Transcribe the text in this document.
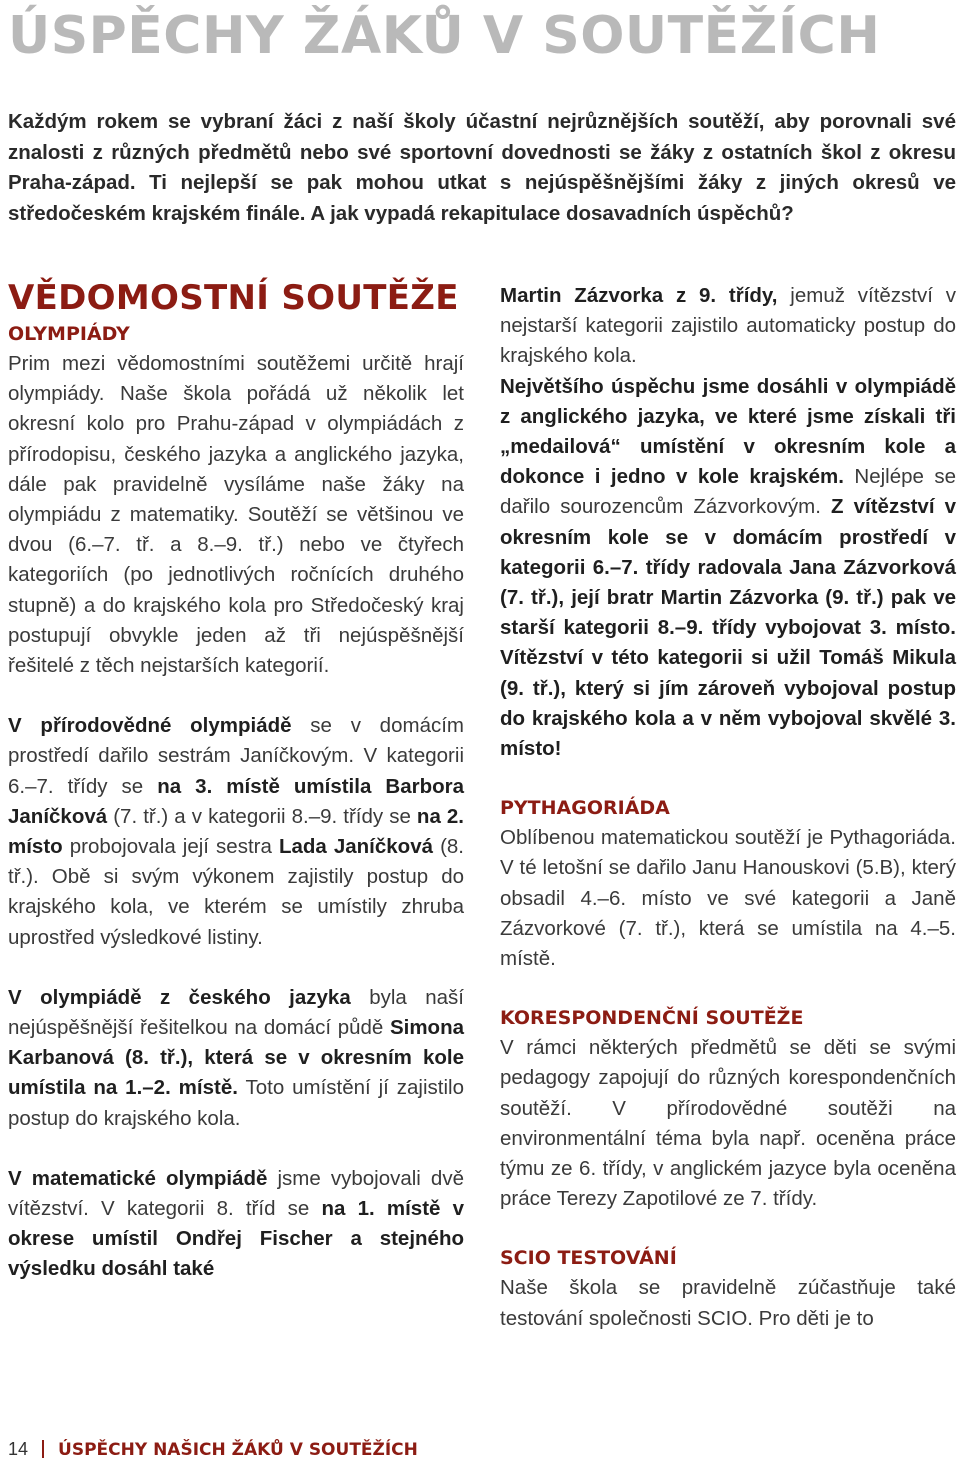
ÚSPĚCHY ŽÁKŮ V SOUTĚŽÍCH

Každým rokem se vybraní žáci z naší školy účastní nejrůznějších soutěží, aby porovnali své znalosti z různých předmětů nebo své sportovní dovednosti se žáky z ostatních škol z okresu Praha-západ. Ti nejlepší se pak mohou utkat s nejúspěšnějšími žáky z jiných okresů ve středočeském krajském finále. A jak vypadá rekapitulace dosavadních úspěchů?

VĚDOMOSTNÍ SOUTĚŽE
OLYMPIÁDY

Prim mezi vědomostními soutěžemi určitě hrají olympiády. Naše škola pořádá už několik let okresní kolo pro Prahu-západ v olympiádách z přírodopisu, českého jazyka a anglického jazyka, dále pak pravidelně vysíláme naše žáky na olympiádu z matematiky. Soutěží se většinou ve dvou (6.–7. tř. a 8.–9. tř.) nebo ve čtyřech kategoriích (po jednotlivých ročnících druhého stupně) a do krajského kola pro Středočeský kraj postupují obvykle jeden až tři nejúspěšnější řešitelé z těch nejstarších kategorií.

V přírodovědné olympiádě se v domácím prostředí dařilo sestrám Janíčkovým. V kategorii 6.–7. třídy se na 3. místě umístila Barbora Janíčková (7. tř.) a v kategorii 8.–9. třídy se na 2. místo probojovala její sestra Lada Janíčková (8. tř.). Obě si svým výkonem zajistily postup do krajského kola, ve kterém se umístily zhruba uprostřed výsledkové listiny.

V olympiádě z českého jazyka byla naší nejúspěšnější řešitelkou na domácí půdě Simona Karbanová (8. tř.), která se v okresním kole umístila na 1.–2. místě. Toto umístění jí zajistilo postup do krajského kola.

V matematické olympiádě jsme vybojovali dvě vítězství. V kategorii 8. tříd se na 1. místě v okrese umístil Ondřej Fischer a stejného výsledku dosáhl také

Martin Zázvorka z 9. třídy, jemuž vítězství v nejstarší kategorii zajistilo automaticky postup do krajského kola.

Největšího úspěchu jsme dosáhli v olympiádě z anglického jazyka, ve které jsme získali tři „medailová“ umístění v okresním kole a dokonce i jedno v kole krajském. Nejlépe se dařilo sourozencům Zázvorkovým. Z vítězství v okresním kole se v domácím prostředí v kategorii 6.–7. třídy radovala Jana Zázvorková (7. tř.), její bratr Martin Zázvorka (9. tř.) pak ve starší kategorii 8.–9. třídy vybojovat 3. místo. Vítězství v této kategorii si užil Tomáš Mikula (9. tř.), který si jím zároveň vybojoval postup do krajského kola a v něm vybojoval skvělé 3. místo!

PYTHAGORIÁDA

Oblíbenou matematickou soutěží je Pythagoriáda. V té letošní se dařilo Janu Hanouskovi (5.B), který obsadil 4.–6. místo ve své kategorii a Janě Zázvorkové (7. tř.), která se umístila na 4.–5. místě.

KORESPONDENČNÍ SOUTĚŽE

V rámci některých předmětů se děti se svými pedagogy zapojují do různých korespondenčních soutěží. V přírodovědné soutěži na environmentální téma byla např. oceněna práce týmu ze 6. třídy, v anglickém jazyce byla oceněna práce Terezy Zapotilové ze 7. třídy.

SCIO TESTOVÁNÍ

Naše škola se pravidelně zúčastňuje také testování společnosti SCIO. Pro děti je to

14 ÚSPĚCHY NAŠICH ŽÁKŮ V SOUTĚŽÍCH
